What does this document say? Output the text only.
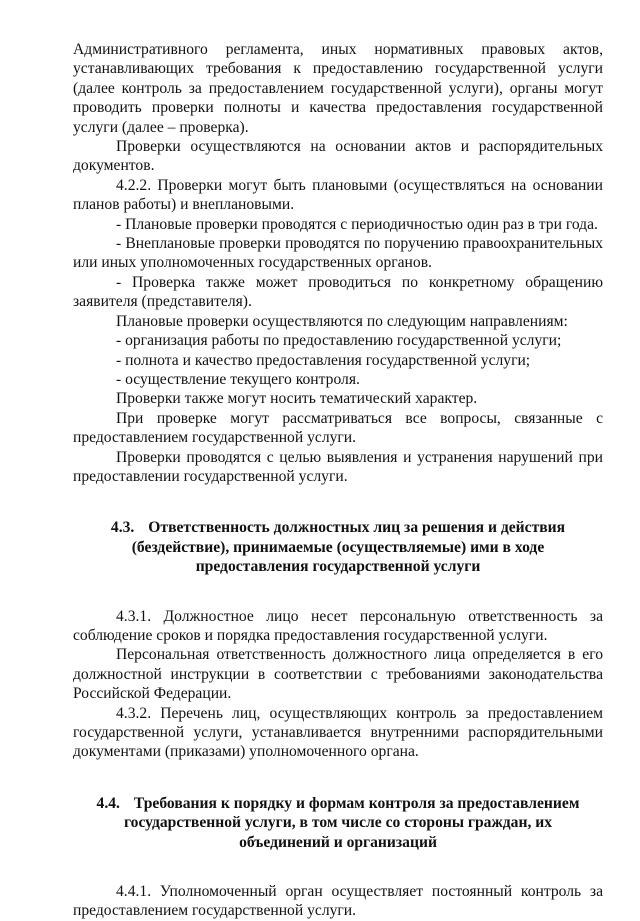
Административного регламента, иных нормативных правовых актов, устанавливающих требования к предоставлению государственной услуги (далее контроль за предоставлением государственной услуги), органы могут проводить проверки полноты и качества предоставления государственной услуги (далее – проверка).

Проверки осуществляются на основании актов и распорядительных документов.

4.2.2. Проверки могут быть плановыми (осуществляться на основании планов работы) и внеплановыми.

- Плановые проверки проводятся с периодичностью один раз в три года.

- Внеплановые проверки проводятся по поручению правоохранительных или иных уполномоченных государственных органов.

- Проверка также может проводиться по конкретному обращению заявителя (представителя).

Плановые проверки осуществляются по следующим направлениям:

- организация работы по предоставлению государственной услуги;

- полнота и качество предоставления государственной услуги;

- осуществление текущего контроля.

Проверки также могут носить тематический характер.

При проверке могут рассматриваться все вопросы, связанные с предоставлением государственной услуги.

Проверки проводятся с целью выявления и устранения нарушений при предоставлении государственной услуги.

4.3. Ответственность должностных лиц за решения и действия (бездействие), принимаемые (осуществляемые) ими в ходе предоставления государственной услуги

4.3.1. Должностное лицо несет персональную ответственность за соблюдение сроков и порядка предоставления государственной услуги.

Персональная ответственность должностного лица определяется в его должностной инструкции в соответствии с требованиями законодательства Российской Федерации.

4.3.2. Перечень лиц, осуществляющих контроль за предоставлением государственной услуги, устанавливается внутренними распорядительными документами (приказами) уполномоченного органа.

4.4. Требования к порядку и формам контроля за предоставлением государственной услуги, в том числе со стороны граждан, их объединений и организаций

4.4.1. Уполномоченный орган осуществляет постоянный контроль за предоставлением государственной услуги.
